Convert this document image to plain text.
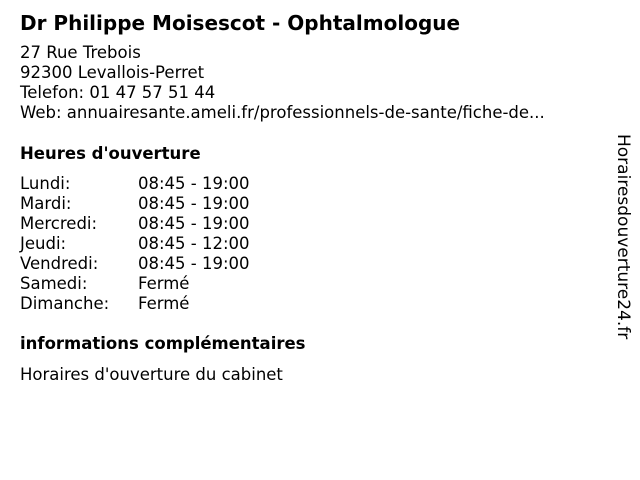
Dr Philippe Moisescot - Ophtalmologue
27 Rue Trebois
92300 Levallois-Perret
Telefon: 01 47 57 51 44
Web: annuairesante.ameli.fr/professionnels-de-sante/fiche-de...
Heures d'ouverture
Lundi:	08:45 - 19:00
Mardi:	08:45 - 19:00
Mercredi: 08:45 - 19:00
Jeudi:	08:45 - 12:00
Vendredi: 08:45 - 19:00
Samedi:	Fermé
Dimanche: Fermé
informations complémentaires
Horaires d'ouverture du cabinet
Horairesdouverture24.fr
